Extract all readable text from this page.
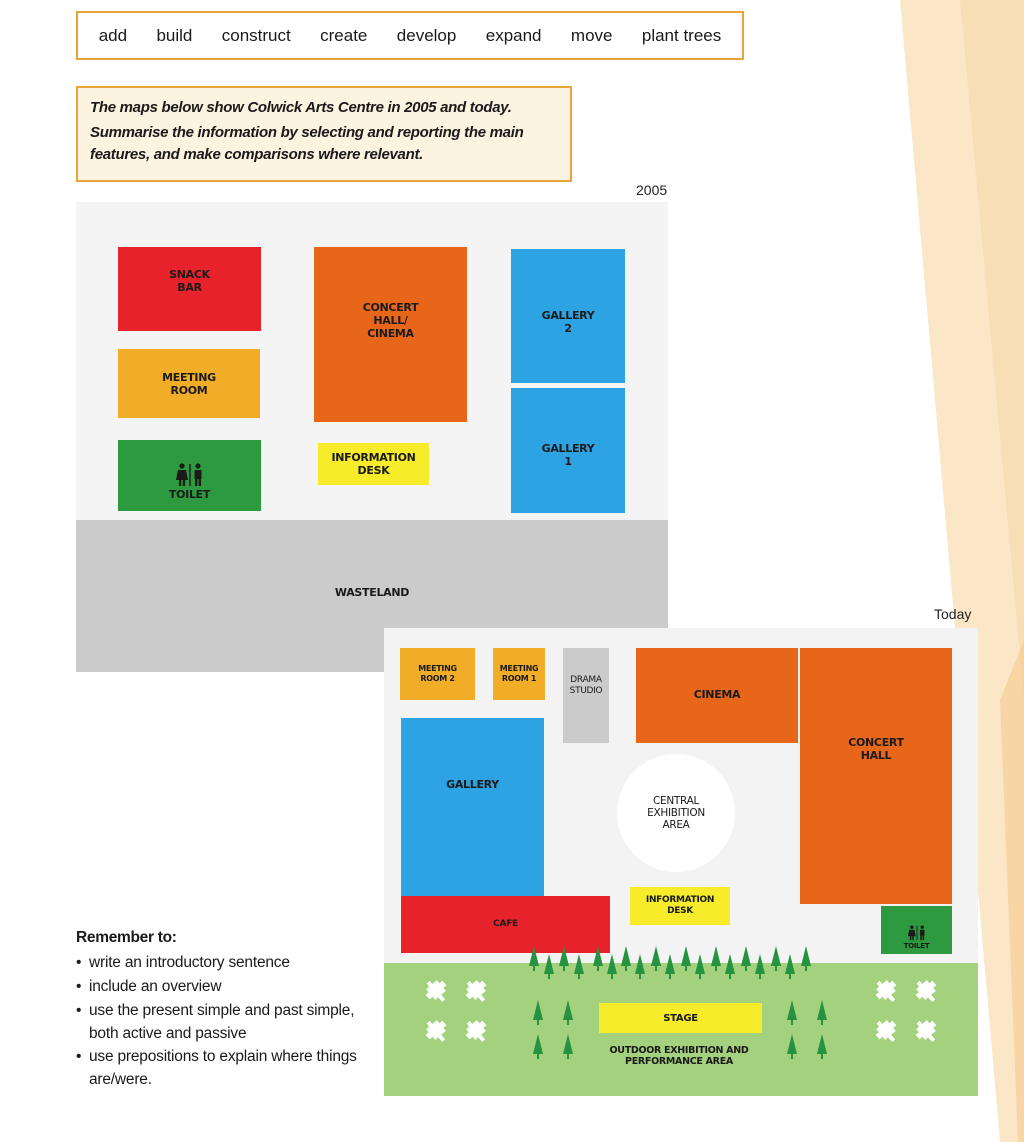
add build construct create develop expand move plant trees

The maps below show Colwick Arts Centre in 2005 and today.

Summarise the information by selecting and reporting the main features, and make comparisons where relevant.

2005
SNACK
BAR
MEETING
ROOM
TOILET
CONCERT
HALL/
CINEMA
INFORMATION
DESK
GALLERY
2
GALLERY
1
WASTELAND
Today
MEETING
ROOM 2
MEETING
ROOM 1	DRAMA
STUDIO	CINEMA
CONCERT
HALL
GALLERY
CENTRAL
EXHIBITION
AREA
INFORMATION
DESK
CAFE
TOILET
STAGE
OUTDOOR EXHIBITION AND
PERFORMANCE AREA
Remember to:
• write an introductory sentence
• include an overview
• use the present simple and past simple, both active and passive
• use prepositions to explain where things are/were.
